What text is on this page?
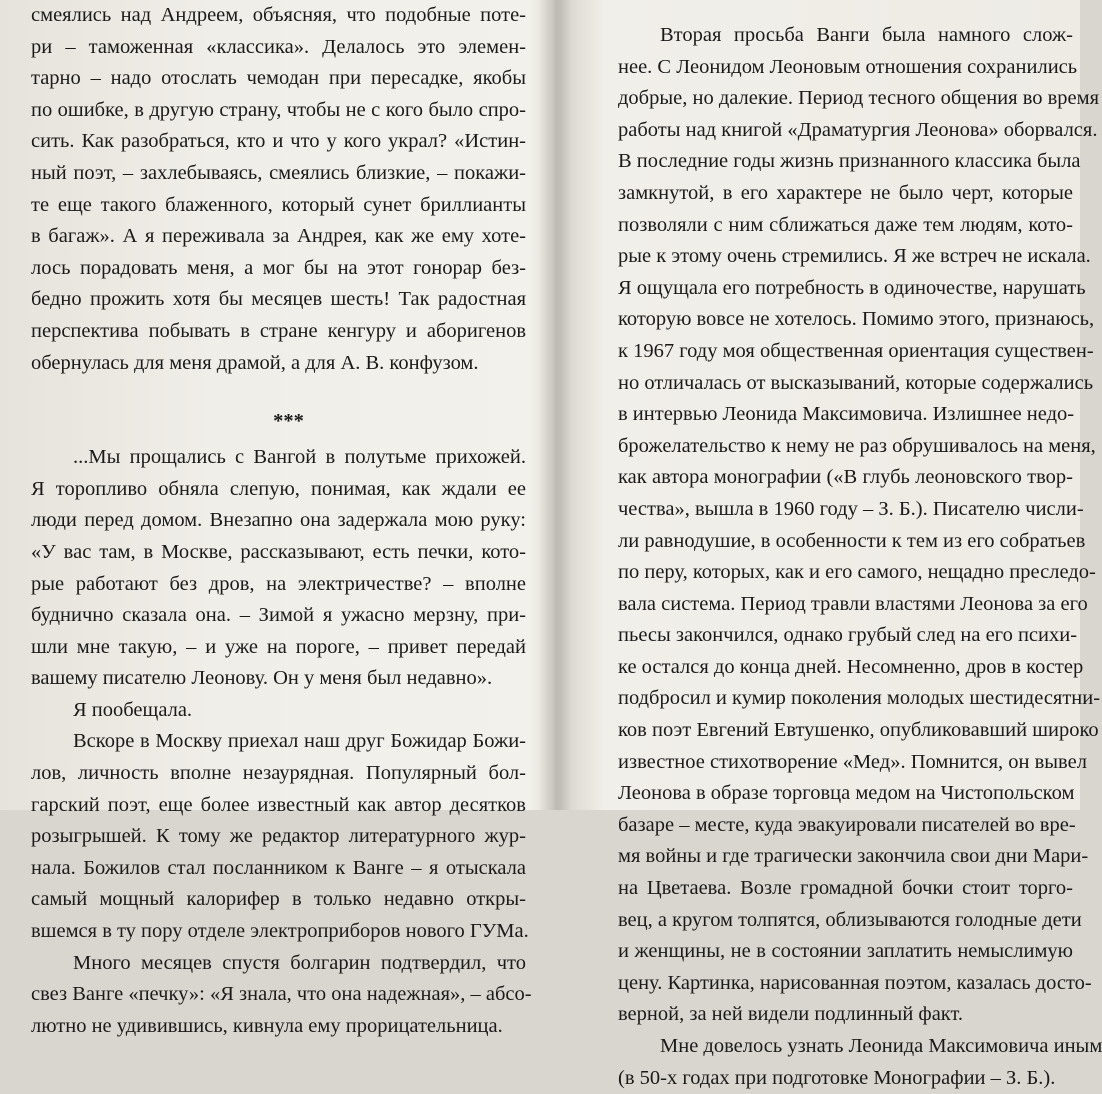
смеялись над Андреем, объясняя, что подобные поте-
ри – таможенная «классика». Делалось это элемен-
тарно – надо отослать чемодан при пересадке, якобы
по ошибке, в другую страну, чтобы не с кого было спро-
сить. Как разобраться, кто и что у кого украл? «Истин-
ный поэт, – захлебываясь, смеялись близкие, – покажи-
те еще такого блаженного, который сунет бриллианты
в багаж». А я переживала за Андрея, как же ему хоте-
лось порадовать меня, а мог бы на этот гонорар без-
бедно прожить хотя бы месяцев шесть! Так радостная
перспектива побывать в стране кенгуру и аборигенов
обернулась для меня драмой, а для А. В. конфузом.
***
...Мы прощались с Вангой в полутьме прихожей.
Я торопливо обняла слепую, понимая, как ждали ее
люди перед домом. Внезапно она задержала мою руку:
«У вас там, в Москве, рассказывают, есть печки, кото-
рые работают без дров, на электричестве? – вполне
буднично сказала она. – Зимой я ужасно мерзну, при-
шли мне такую, – и уже на пороге, – привет передай
вашему писателю Леонову. Он у меня был недавно».
Я пообещала.
Вскоре в Москву приехал наш друг Божидар Божи-
лов, личность вполне незаурядная. Популярный бол-
гарский поэт, еще более известный как автор десятков
розыгрышей. К тому же редактор литературного жур-
нала. Божилов стал посланником к Ванге – я отыскала
самый мощный калорифер в только недавно откры-
вшемся в ту пору отделе электроприборов нового ГУМа.
Много месяцев спустя болгарин подтвердил, что
свез Ванге «печку»: «Я знала, что она надежная», – абсо-
лютно не удивившись, кивнула ему прорицательница.
Вторая просьба Ванги была намного слож-
нее. С Леонидом Леоновым отношения сохранились
добрые, но далекие. Период тесного общения во время
работы над книгой «Драматургия Леонова» оборвался.
В последние годы жизнь признанного классика была
замкнутой, в его характере не было черт, которые
позволяли с ним сближаться даже тем людям, кото-
рые к этому очень стремились. Я же встреч не искала.
Я ощущала его потребность в одиночестве, нарушать
которую вовсе не хотелось. Помимо этого, признаюсь,
к 1967 году моя общественная ориентация существен-
но отличалась от высказываний, которые содержались
в интервью Леонида Максимовича. Излишнее недо-
брожелательство к нему не раз обрушивалось на меня,
как автора монографии («В глубь леоновского твор-
чества», вышла в 1960 году – З. Б.). Писателю числи-
ли равнодушие, в особенности к тем из его собратьев
по перу, которых, как и его самого, нещадно преследо-
вала система. Период травли властями Леонова за его
пьесы закончился, однако грубый след на его психи-
ке остался до конца дней. Несомненно, дров в костер
подбросил и кумир поколения молодых шестидесятни-
ков поэт Евгений Евтушенко, опубликовавший широко
известное стихотворение «Мед». Помнится, он вывел
Леонова в образе торговца медом на Чистопольском
базаре – месте, куда эвакуировали писателей во вре-
мя войны и где трагически закончила свои дни Мари-
на Цветаева. Возле громадной бочки стоит торго-
вец, а кругом толпятся, облизываются голодные дети
и женщины, не в состоянии заплатить немыслимую
цену. Картинка, нарисованная поэтом, казалась досто-
верной, за ней видели подлинный факт.
Мне довелось узнать Леонида Максимовича иным
(в 50-х годах при подготовке Монографии – З. Б.).
